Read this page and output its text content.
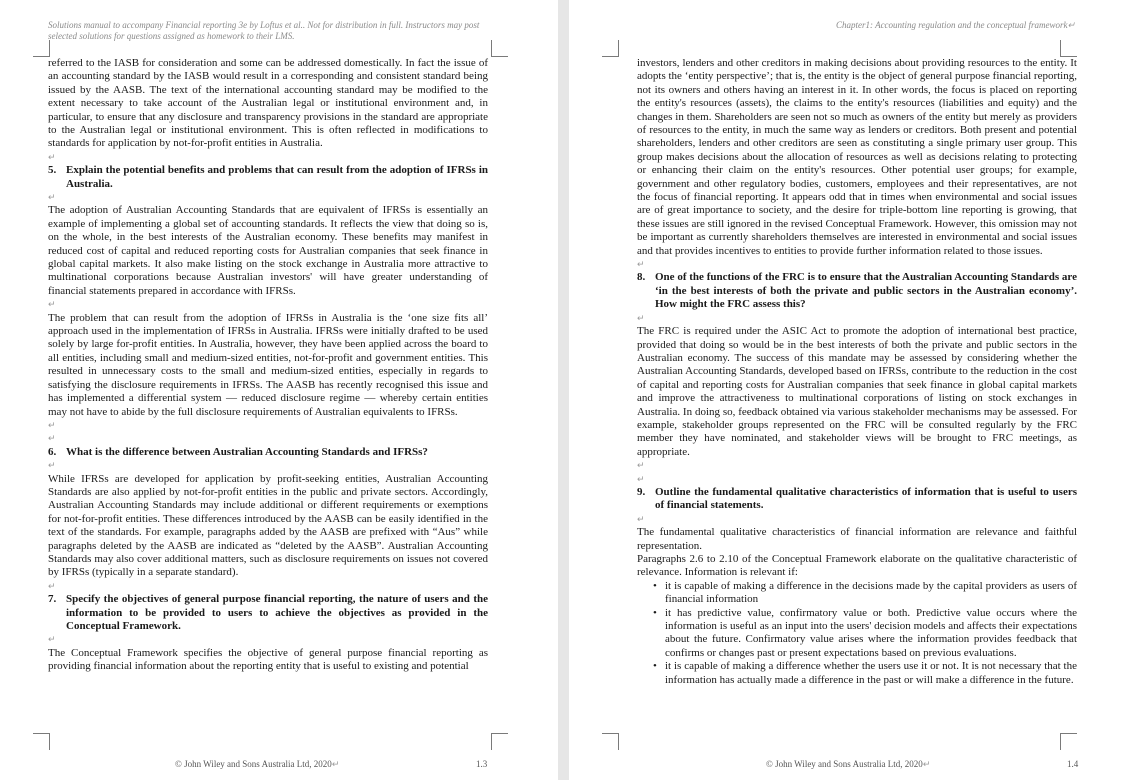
Solutions manual to accompany Financial reporting 3e by Loftus et al.. Not for distribution in full. Instructors may post selected solutions for questions assigned as homework to their LMS.

referred to the IASB for consideration and some can be addressed domestically. In fact the issue of an accounting standard by the IASB would result in a corresponding and consistent standard being issued by the AASB. The text of the international accounting standard may be modified to the extent necessary to take account of the Australian legal or institutional environment and, in particular, to ensure that any disclosure and transparency provisions in the standard are appropriate to the Australian legal or institutional environment. This is often reflected in modifications to standards for application by not-for-profit entities in Australia.

↵
5. Explain the potential benefits and problems that can result from the adoption of IFRSs in Australia.
↵

The adoption of Australian Accounting Standards that are equivalent of IFRSs is essentially an example of implementing a global set of accounting standards. It reflects the view that doing so is, on the whole, in the best interests of the Australian economy. These benefits may manifest in reduced cost of capital and reduced reporting costs for Australian companies that seek finance in global capital markets. It also make listing on the stock exchange in Australia more attractive to multinational corporations because Australian investors' will have greater understanding of financial statements prepared in accordance with IFRSs.

↵

The problem that can result from the adoption of IFRSs in Australia is the ‘one size fits all’ approach used in the implementation of IFRSs in Australia. IFRSs were initially drafted to be used solely by large for-profit entities. In Australia, however, they have been applied across the board to all entities, including small and medium-sized entities, not-for-profit and government entities. This resulted in unnecessary costs to the small and medium-sized entities, especially in regards to satisfying the disclosure requirements in IFRSs. The AASB has recently recognised this issue and has implemented a differential system — reduced disclosure regime — whereby certain entities may not have to abide by the full disclosure requirements of Australian equivalents to IFRSs.

↵
↵
6. What is the difference between Australian Accounting Standards and IFRSs?
↵

While IFRSs are developed for application by profit-seeking entities, Australian Accounting Standards are also applied by not-for-profit entities in the public and private sectors. Accordingly, Australian Accounting Standards may include additional or different requirements or exemptions for not-for-profit entities. These differences introduced by the AASB can be easily identified in the text of the standards. For example, paragraphs added by the AASB are prefixed with “Aus” while paragraphs deleted by the AASB are indicated as “deleted by the AASB”. Australian Accounting Standards may also cover additional matters, such as disclosure requirements on issues not covered by IFRSs (typically in a separate standard).

↵
7. Specify the objectives of general purpose financial reporting, the nature of users and the information to be provided to users to achieve the objectives as provided in the Conceptual Framework.
↵

The Conceptual Framework specifies the objective of general purpose financial reporting as providing financial information about the reporting entity that is useful to existing and potential

© John Wiley and Sons Australia Ltd, 2020 ↵	1.3
Chapter1: Accounting regulation and the conceptual framework↵

investors, lenders and other creditors in making decisions about providing resources to the entity. It adopts the ‘entity perspective’; that is, the entity is the object of general purpose financial reporting, not its owners and others having an interest in it. In other words, the focus is placed on reporting the entity's resources (assets), the claims to the entity's resources (liabilities and equity) and the changes in them. Shareholders are seen not so much as owners of the entity but merely as providers of resources to the entity, in much the same way as lenders or creditors. Both present and potential shareholders, lenders and other creditors are seen as constituting a single primary user group. This group makes decisions about the allocation of resources as well as decisions relating to protecting or enhancing their claim on the entity's resources. Other potential user groups; for example, government and other regulatory bodies, customers, employees and their representatives, are not the focus of financial reporting. It appears odd that in times when environmental and social issues are of great importance to society, and the desire for triple-bottom line reporting is growing, that these issues are still ignored in the revised Conceptual Framework. However, this omission may not be important as currently shareholders themselves are interested in environmental and social issues and that provides incentives to entities to provide further information related to those issues.

↵
8. One of the functions of the FRC is to ensure that the Australian Accounting Standards are ‘in the best interests of both the private and public sectors in the Australian economy’. How might the FRC assess this?
↵

The FRC is required under the ASIC Act to promote the adoption of international best practice, provided that doing so would be in the best interests of both the private and public sectors in the Australian economy. The success of this mandate may be assessed by considering whether the Australian Accounting Standards, developed based on IFRSs, contribute to the reduction in the cost of capital and reporting costs for Australian companies that seek finance in global capital markets and improve the attractiveness to multinational corporations of listing on stock exchanges in Australia. In doing so, feedback obtained via various stakeholder mechanisms may be assessed. For example, stakeholder groups represented on the FRC will be consulted regularly by the FRC member they have nominated, and stakeholder views will be brought to FRC meetings, as appropriate.

↵
↵
9. Outline the fundamental qualitative characteristics of information that is useful to users of financial statements.
↵

The fundamental qualitative characteristics of financial information are relevance and faithful representation.

Paragraphs 2.6 to 2.10 of the Conceptual Framework elaborate on the qualitative characteristic of relevance. Information is relevant if:

• it is capable of making a difference in the decisions made by the capital providers as users of financial information
• it has predictive value, confirmatory value or both. Predictive value occurs where the information is useful as an input into the users' decision models and affects their expectations about the future. Confirmatory value arises where the information provides feedback that confirms or changes past or present expectations based on previous evaluations.
• it is capable of making a difference whether the users use it or not. It is not necessary that the information has actually made a difference in the past or will make a difference in the future.
© John Wiley and Sons Australia Ltd, 2020 ↵	1.4
